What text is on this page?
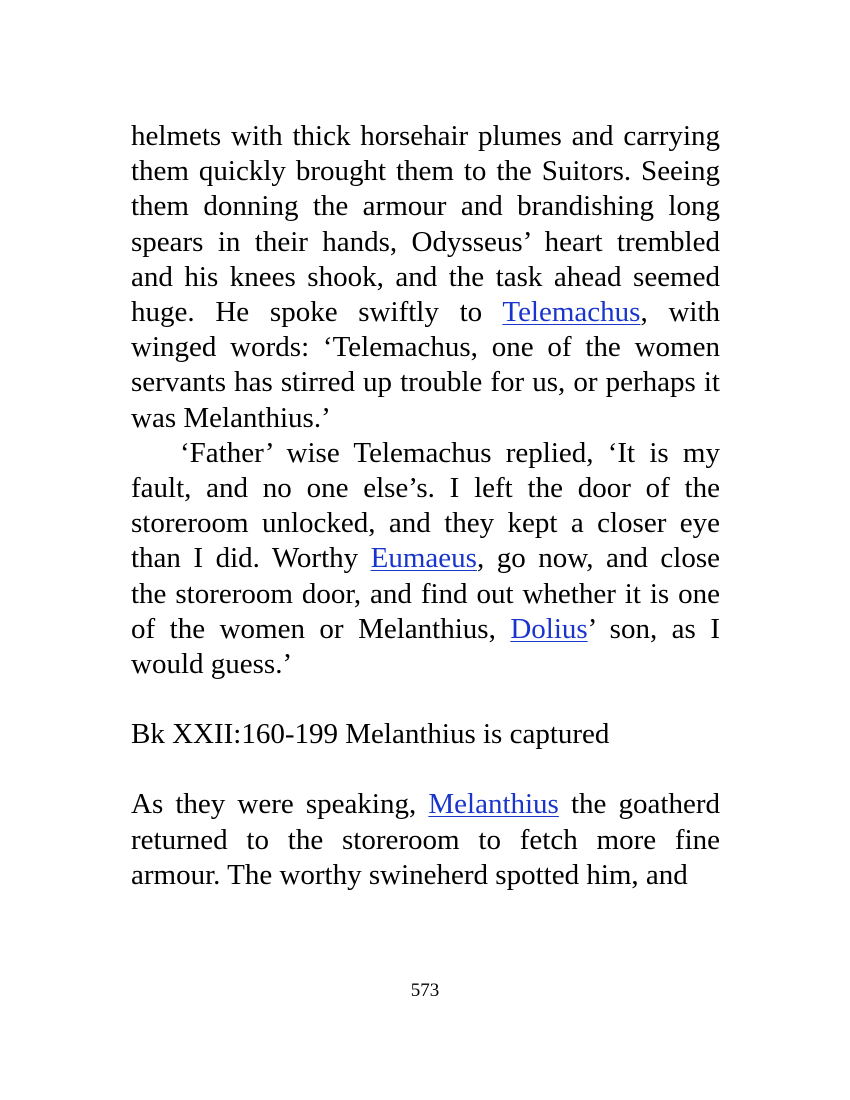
helmets with thick horsehair plumes and carrying them quickly brought them to the Suitors. Seeing them donning the armour and brandishing long spears in their hands, Odysseus’ heart trembled and his knees shook, and the task ahead seemed huge. He spoke swiftly to Telemachus, with winged words: ‘Telemachus, one of the women servants has stirred up trouble for us, or perhaps it was Melanthius.’

‘Father’ wise Telemachus replied, ‘It is my fault, and no one else’s. I left the door of the storeroom unlocked, and they kept a closer eye than I did. Worthy Eumaeus, go now, and close the storeroom door, and find out whether it is one of the women or Melanthius, Dolius’ son, as I would guess.’

Bk XXII:160-199 Melanthius is captured

As they were speaking, Melanthius the goatherd returned to the storeroom to fetch more fine armour. The worthy swineherd spotted him, and

573
